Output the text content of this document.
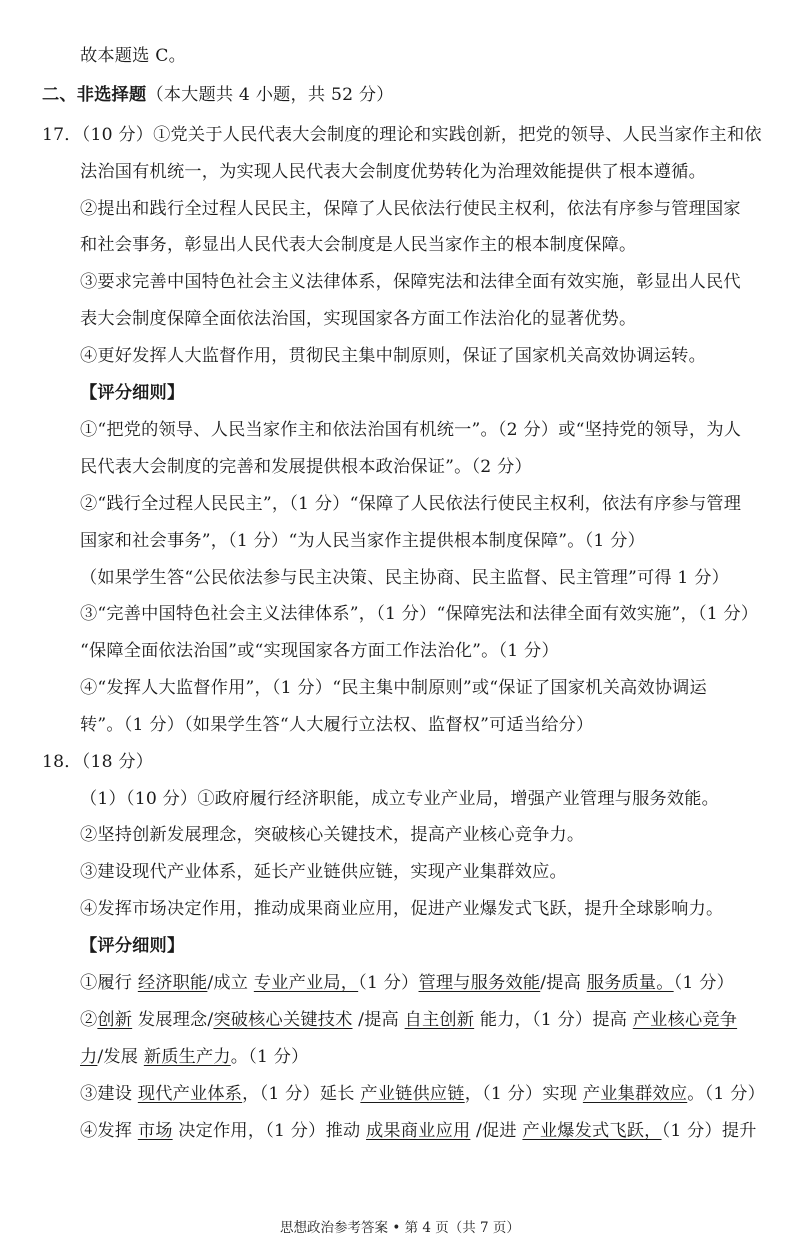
故本题选 C。
二、非选择题（本大题共 4 小题，共 52 分）
17．（10 分）①党关于人民代表大会制度的理论和实践创新，把党的领导、人民当家作主和依
法治国有机统一，为实现人民代表大会制度优势转化为治理效能提供了根本遵循。
②提出和践行全过程人民民主，保障了人民依法行使民主权利，依法有序参与管理国家
和社会事务，彰显出人民代表大会制度是人民当家作主的根本制度保障。
③要求完善中国特色社会主义法律体系，保障宪法和法律全面有效实施，彰显出人民代
表大会制度保障全面依法治国，实现国家各方面工作法治化的显著优势。
④更好发挥人大监督作用，贯彻民主集中制原则，保证了国家机关高效协调运转。
【评分细则】
①“把党的领导、人民当家作主和依法治国有机统一”。（2 分）或“坚持党的领导，为人
民代表大会制度的完善和发展提供根本政治保证”。（2 分）
②“践行全过程人民民主”，（1 分）“保障了人民依法行使民主权利，依法有序参与管理
国家和社会事务”，（1 分）“为人民当家作主提供根本制度保障”。（1 分）
（如果学生答“公民依法参与民主决策、民主协商、民主监督、民主管理”可得 1 分）
③“完善中国特色社会主义法律体系”，（1 分）“保障宪法和法律全面有效实施”，（1 分）
“保障全面依法治国”或“实现国家各方面工作法治化”。（1 分）
④“发挥人大监督作用”，（1 分）“民主集中制原则”或“保证了国家机关高效协调运
转”。（1 分）（如果学生答“人大履行立法权、监督权”可适当给分）
18．（18 分）
（1）（10 分）①政府履行经济职能，成立专业产业局，增强产业管理与服务效能。
②坚持创新发展理念，突破核心关键技术，提高产业核心竞争力。
③建设现代产业体系，延长产业链供应链，实现产业集群效应。
④发挥市场决定作用，推动成果商业应用，促进产业爆发式飞跃，提升全球影响力。
【评分细则】
①履行 经济职能/成立 专业产业局，（1 分）管理与服务效能/提高 服务质量。（1 分）
②创新 发展理念/突破核心关键技术 /提高 自主创新 能力，（1 分）提高 产业核心竞争
力/发展 新质生产力。（1 分）
③建设 现代产业体系，（1 分）延长 产业链供应链，（1 分）实现 产业集群效应。（1 分）
④发挥 市场 决定作用，（1 分）推动 成果商业应用 /促进 产业爆发式飞跃，（1 分）提升
思想政治参考答案 • 第 4 页（共 7 页）
